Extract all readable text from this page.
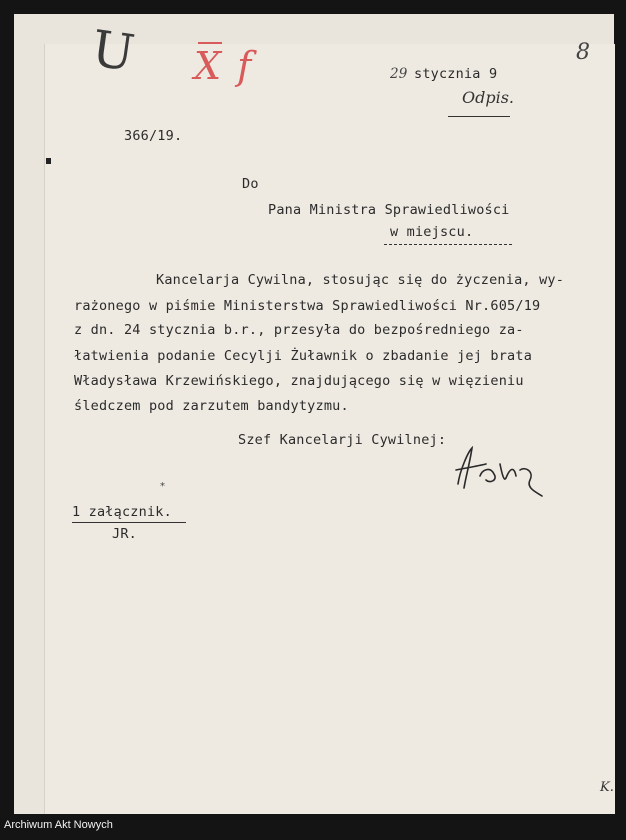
U X f	29 stycznia 9
8
Odpis.
366/19.
Do
Pana Ministra Sprawiedliwości
w miejscu.
Kancelarja Cywilna, stosując się do życzenia, wy-
rażonego w piśmie Ministerstwa Sprawiedliwości Nr.605/19
z dn. 24 stycznia b.r., przesyła do bezpośredniego za-
łatwienia podanie Cecylji Żuławnik o zbadanie jej brata
Władysława Krzewińskiego, znajdującego się w więzieniu
śledczem pod zarzutem bandytyzmu.
Szef Kancelarji Cywilnej:
⁎
1 załącznik.
JR.
K.
Archiwum Akt Nowych
